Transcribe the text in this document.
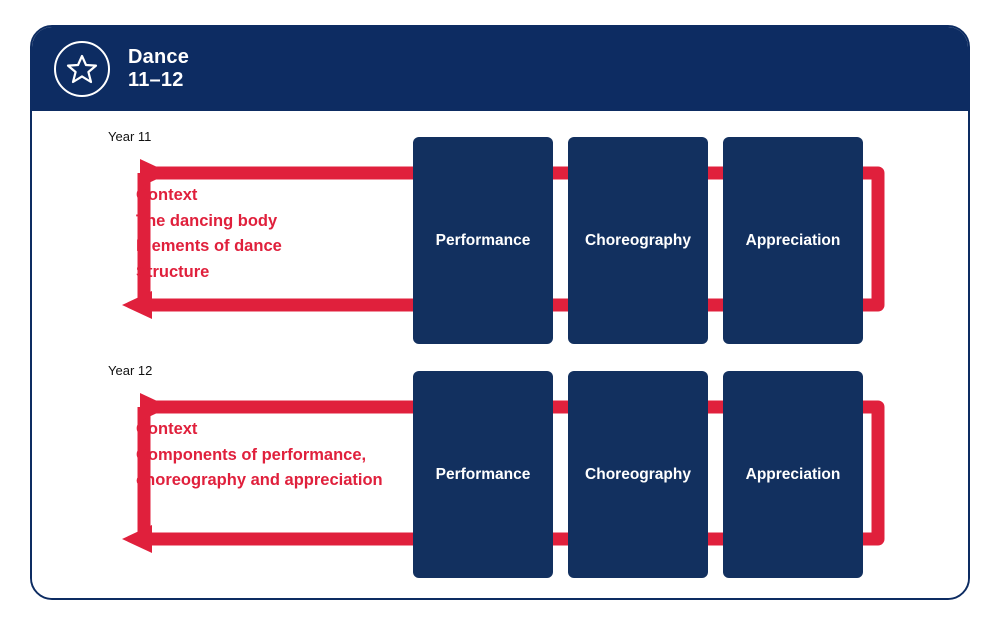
Dance
11–12
Year 11
Context
The dancing body
Elements of dance
Structure
Performance	Choreography	Appreciation
Year 12
Context
Components of performance, choreography and appreciation	Performance	Choreography	Appreciation
